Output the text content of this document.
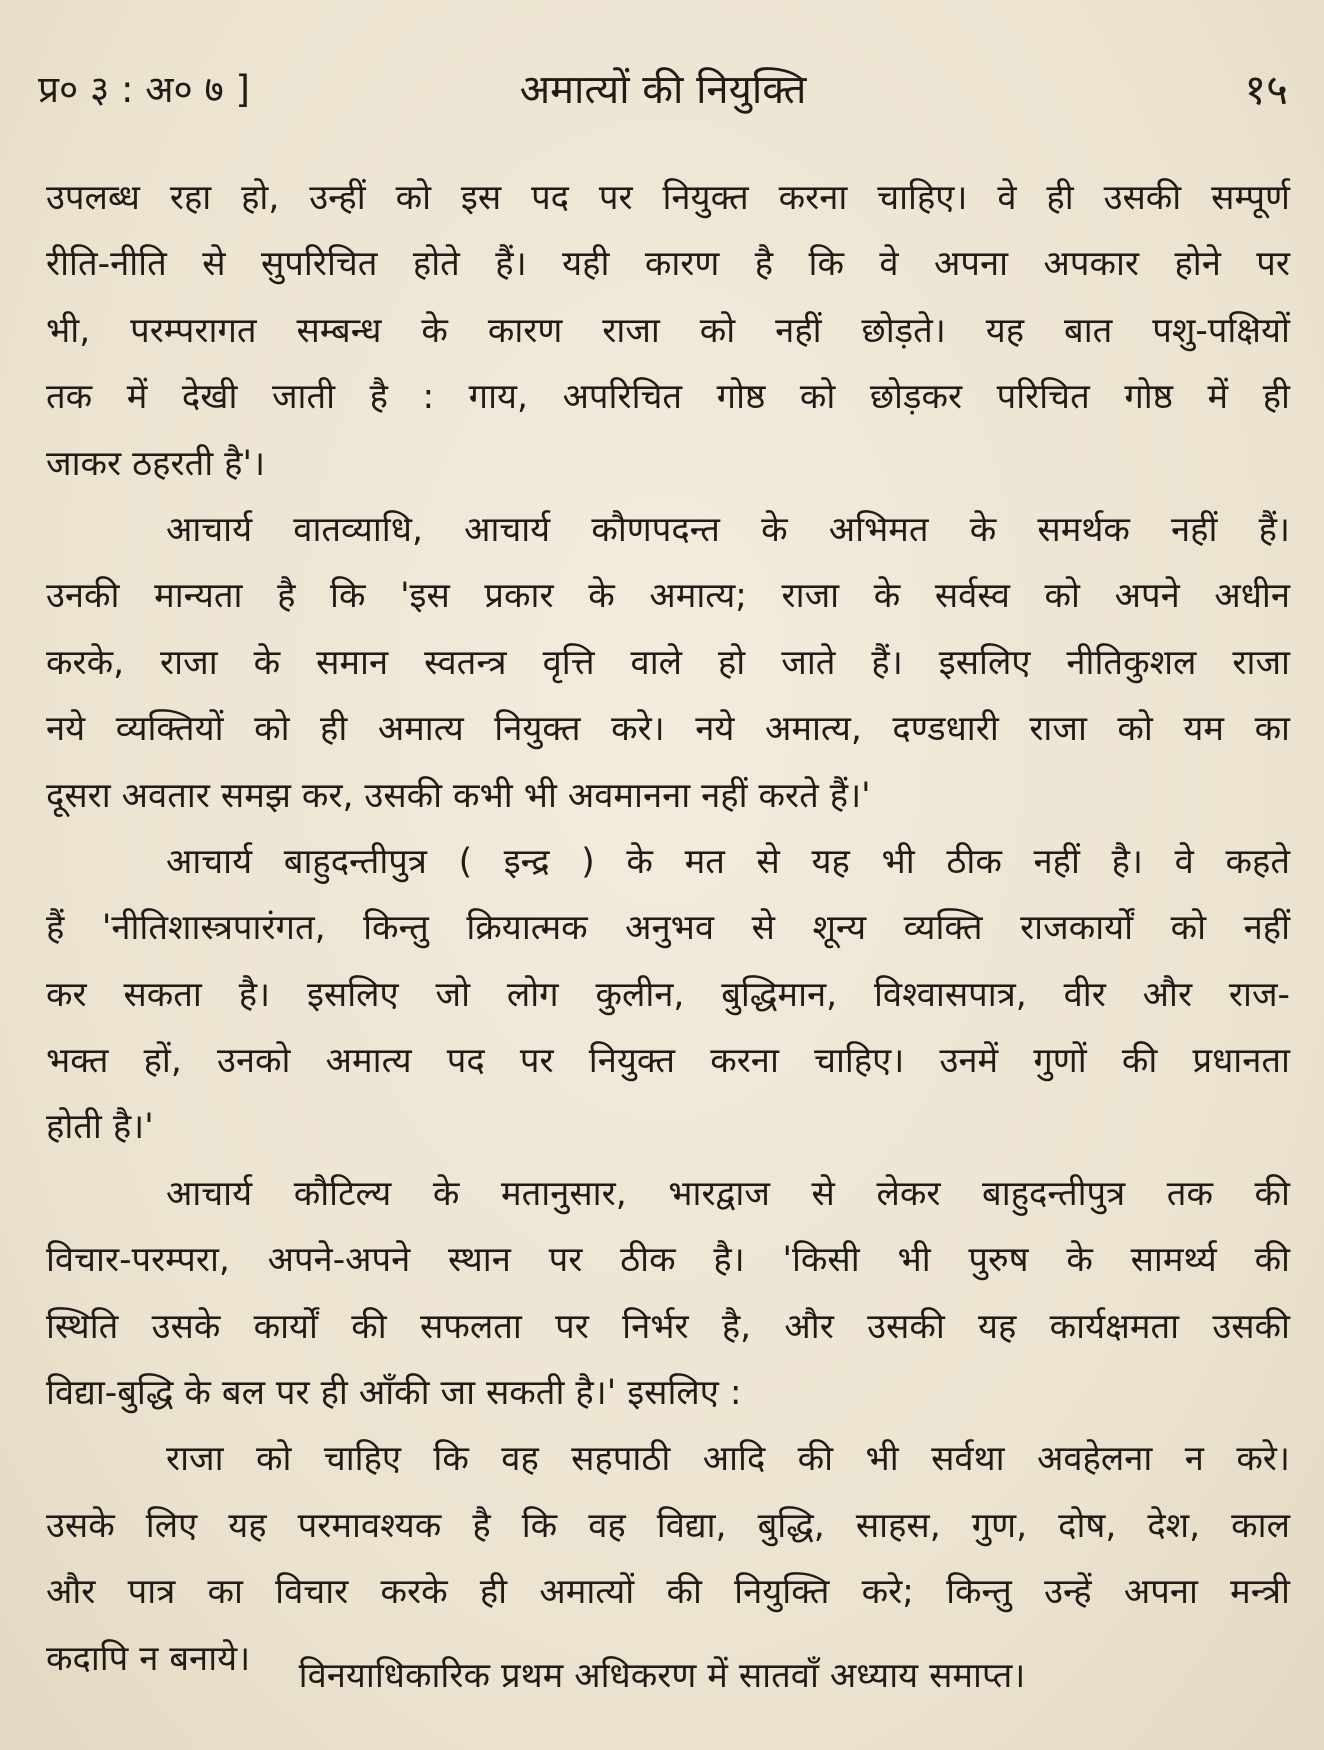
प्र० ३ : अ० ७ ]	अमात्यों की नियुक्ति	१५

उपलब्ध रहा हो, उन्हीं को इस पद पर नियुक्त करना चाहिए। वे ही उसकी सम्पूर्ण
रीति-नीति से सुपरिचित होते हैं। यही कारण है कि वे अपना अपकार होने पर
भी, परम्परागत सम्बन्ध के कारण राजा को नहीं छोड़ते। यह बात पशु-पक्षियों
तक में देखी जाती है : गाय, अपरिचित गोष्ठ को छोड़कर परिचित गोष्ठ में ही
जाकर ठहरती है'।

आचार्य वातव्याधि, आचार्य कौणपदन्त के अभिमत के समर्थक नहीं हैं।
उनकी मान्यता है कि 'इस प्रकार के अमात्य; राजा के सर्वस्व को अपने अधीन
करके, राजा के समान स्वतन्त्र वृत्ति वाले हो जाते हैं। इसलिए नीतिकुशल राजा
नये व्यक्तियों को ही अमात्य नियुक्त करे। नये अमात्य, दण्डधारी राजा को यम का
दूसरा अवतार समझ कर, उसकी कभी भी अवमानना नहीं करते हैं।'

आचार्य बाहुदन्तीपुत्र ( इन्द्र ) के मत से यह भी ठीक नहीं है। वे कहते
हैं 'नीतिशास्त्रपारंगत, किन्तु क्रियात्मक अनुभव से शून्य व्यक्ति राजकार्यों को नहीं
कर सकता है। इसलिए जो लोग कुलीन, बुद्धिमान, विश्वासपात्र, वीर और राज-
भक्त हों, उनको अमात्य पद पर नियुक्त करना चाहिए। उनमें गुणों की प्रधानता
होती है।'

आचार्य कौटिल्य के मतानुसार, भारद्वाज से लेकर बाहुदन्तीपुत्र तक की
विचार-परम्परा, अपने-अपने स्थान पर ठीक है। 'किसी भी पुरुष के सामर्थ्य की
स्थिति उसके कार्यों की सफलता पर निर्भर है, और उसकी यह कार्यक्षमता उसकी
विद्या-बुद्धि के बल पर ही आँकी जा सकती है।' इसलिए :

राजा को चाहिए कि वह सहपाठी आदि की भी सर्वथा अवहेलना न करे।
उसके लिए यह परमावश्यक है कि वह विद्या, बुद्धि, साहस, गुण, दोष, देश, काल
और पात्र का विचार करके ही अमात्यों की नियुक्ति करे; किन्तु उन्हें अपना मन्त्री
कदापि न बनाये।	विनयाधिकारिक प्रथम अधिकरण में सातवाँ अध्याय समाप्त।
